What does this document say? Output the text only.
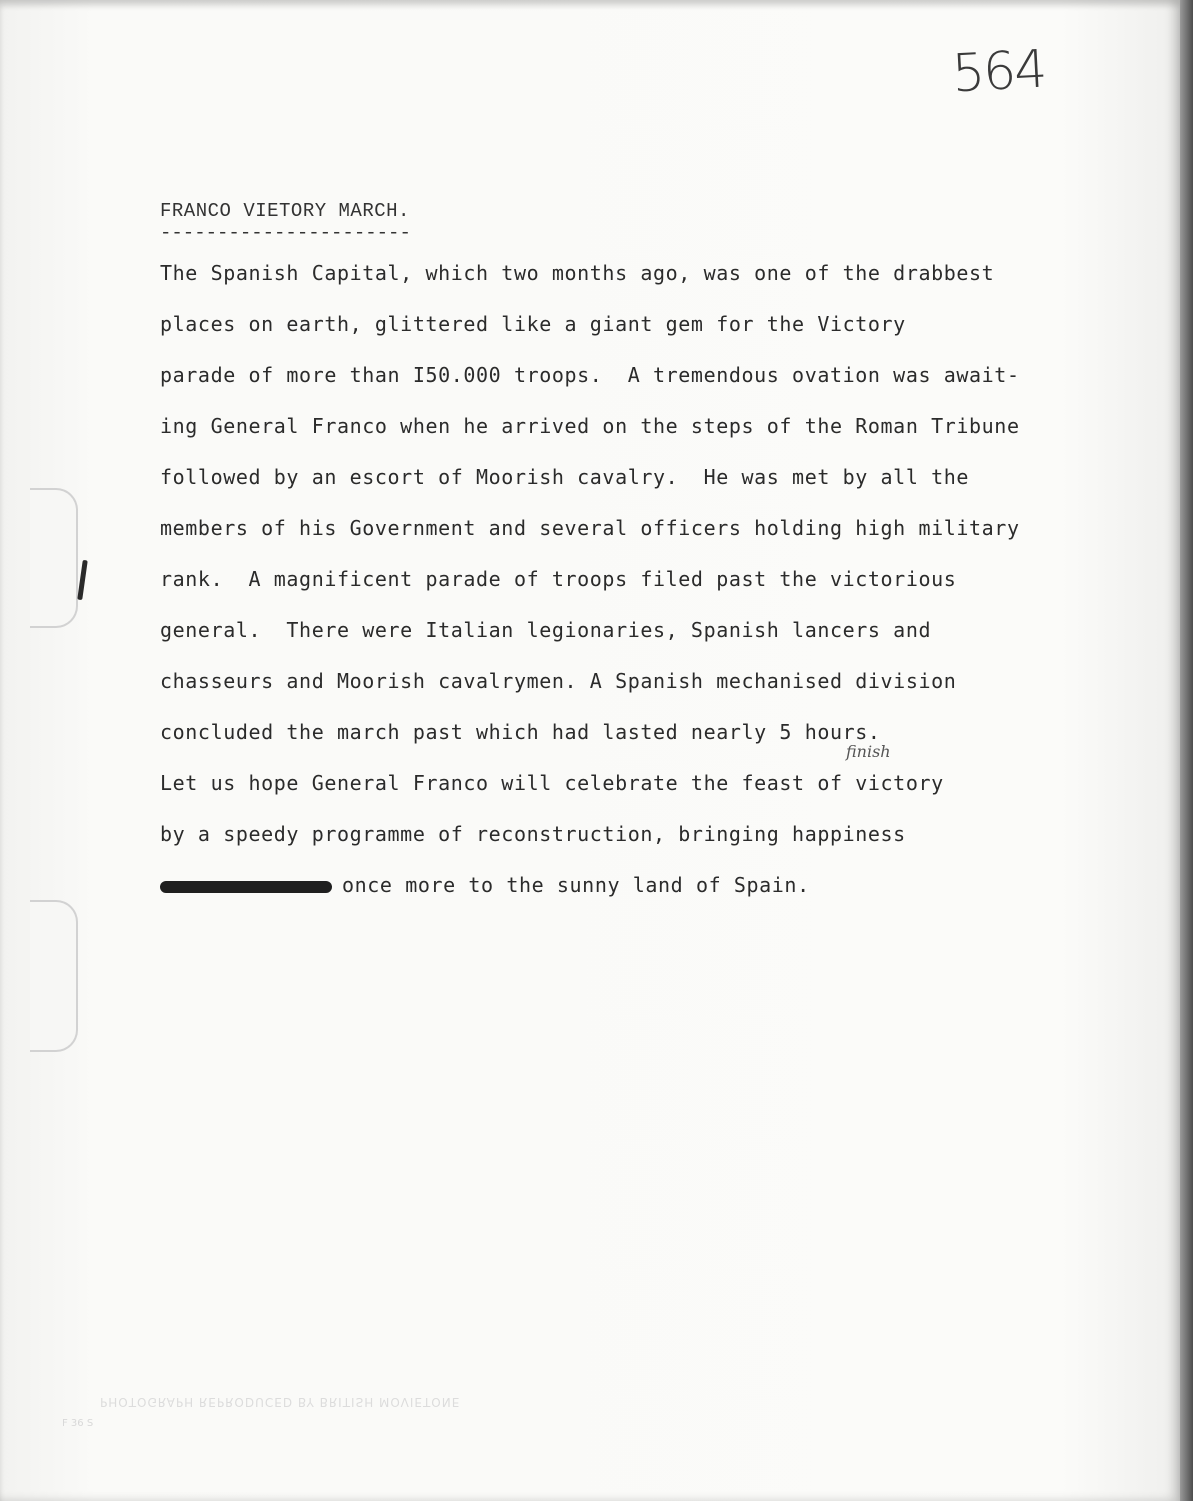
564
FRANCO VIETORY MARCH.
----------------------
The Spanish Capital, which two months ago, was one of the drabbest
places on earth, glittered like a giant gem for the Victory
parade of more than I50.000 troops.  A tremendous ovation was await-
ing General Franco when he arrived on the steps of the Roman Tribune
followed by an escort of Moorish cavalry.  He was met by all the
members of his Government and several officers holding high military
rank.  A magnificent parade of troops filed past the victorious
general.  There were Italian legionaries, Spanish lancers and
chasseurs and Moorish cavalrymen. A Spanish mechanised division
concluded the march past which had lasted nearly 5 hours.
Let us hope General Franco will celebrate the feast of victory
by a speedy programme of reconstruction, bringing happiness
once more to the sunny land of Spain.
finish
PHOTOGRAPH REPRODUCED BY BRITISH MOVIETONE
F 36 S
